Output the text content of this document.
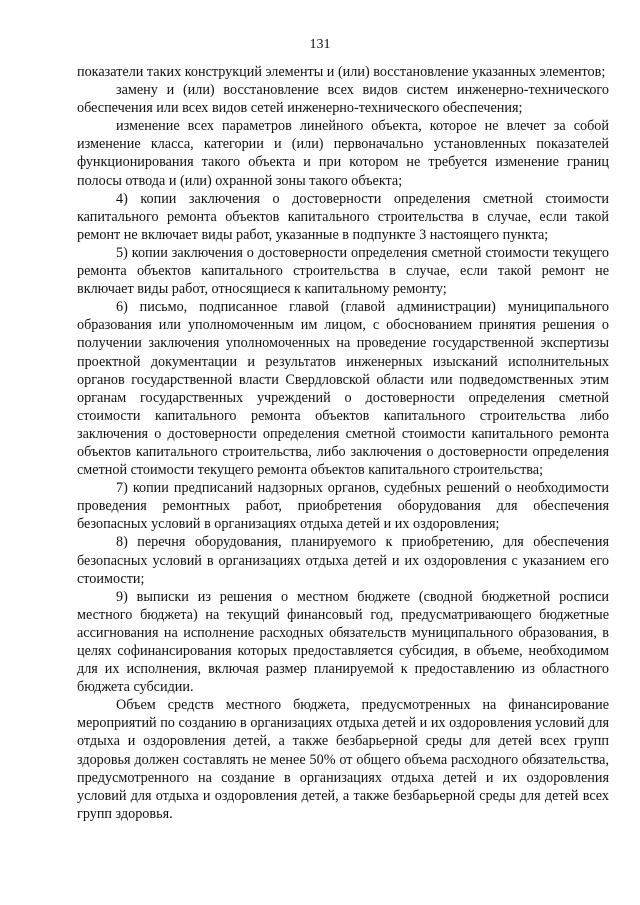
131

показатели таких конструкций элементы и (или) восстановление указанных элементов;

замену и (или) восстановление всех видов систем инженерно-технического обеспечения или всех видов сетей инженерно-технического обеспечения;

изменение всех параметров линейного объекта, которое не влечет за собой изменение класса, категории и (или) первоначально установленных показателей функционирования такого объекта и при котором не требуется изменение границ полосы отвода и (или) охранной зоны такого объекта;

4) копии заключения о достоверности определения сметной стоимости капитального ремонта объектов капитального строительства в случае, если такой ремонт не включает виды работ, указанные в подпункте 3 настоящего пункта;

5) копии заключения о достоверности определения сметной стоимости текущего ремонта объектов капитального строительства в случае, если такой ремонт не включает виды работ, относящиеся к капитальному ремонту;

6) письмо, подписанное главой (главой администрации) муниципального образования или уполномоченным им лицом, с обоснованием принятия решения о получении заключения уполномоченных на проведение государственной экспертизы проектной документации и результатов инженерных изысканий исполнительных органов государственной власти Свердловской области или подведомственных этим органам государственных учреждений о достоверности определения сметной стоимости капитального ремонта объектов капитального строительства либо заключения о достоверности определения сметной стоимости капитального ремонта объектов капитального строительства, либо заключения о достоверности определения сметной стоимости текущего ремонта объектов капитального строительства;

7) копии предписаний надзорных органов, судебных решений о необходимости проведения ремонтных работ, приобретения оборудования для обеспечения безопасных условий в организациях отдыха детей и их оздоровления;

8) перечня оборудования, планируемого к приобретению, для обеспечения безопасных условий в организациях отдыха детей и их оздоровления с указанием его стоимости;

9) выписки из решения о местном бюджете (сводной бюджетной росписи местного бюджета) на текущий финансовый год, предусматривающего бюджетные ассигнования на исполнение расходных обязательств муниципального образования, в целях софинансирования которых предоставляется субсидия, в объеме, необходимом для их исполнения, включая размер планируемой к предоставлению из областного бюджета субсидии.

Объем средств местного бюджета, предусмотренных на финансирование мероприятий по созданию в организациях отдыха детей и их оздоровления условий для отдыха и оздоровления детей, а также безбарьерной среды для детей всех групп здоровья должен составлять не менее 50% от общего объема расходного обязательства, предусмотренного на создание в организациях отдыха детей и их оздоровления условий для отдыха и оздоровления детей, а также безбарьерной среды для детей всех групп здоровья.
